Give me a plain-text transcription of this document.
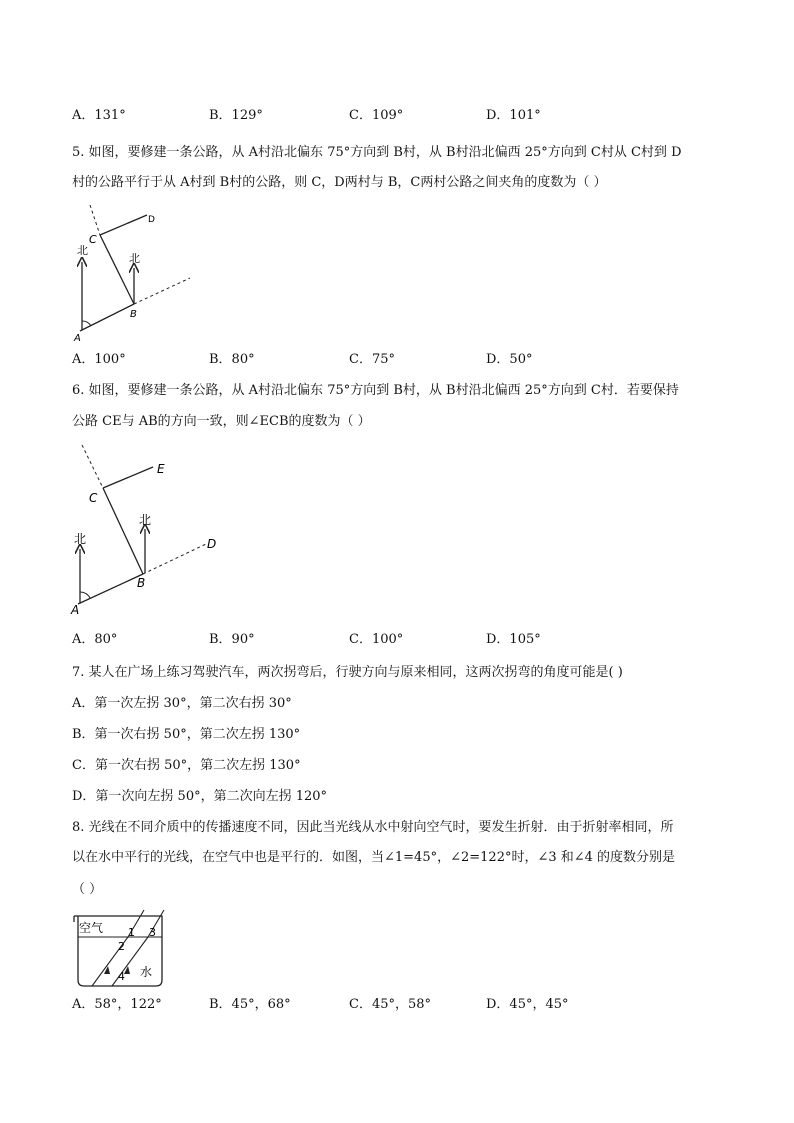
A．131°	B．129°	C．109°	D．101°
5. 如图，要修建一条公路，从 A村沿北偏东 75°方向到 B村，从 B村沿北偏西 25°方向到 C村从 C村到 D
村的公路平行于从 A村到 B村的公路，则 C，D两村与 B，C两村公路之间夹角的度数为（ ）
C
D
A
B
北
北
A．100°	B．80°	C．75°	D．50°
6. 如图，要修建一条公路，从 A村沿北偏东 75°方向到 B村，从 B村沿北偏西 25°方向到 C村．若要保持
公路 CE与 AB的方向一致，则∠ECB的度数为（ ）
E
C
D
A
B
北
北
A．80°	B．90°	C．100°	D．105°
7. 某人在广场上练习驾驶汽车，两次拐弯后，行驶方向与原来相同，这两次拐弯的角度可能是( )
A．第一次左拐 30°，第二次右拐 30°
B．第一次右拐 50°，第二次左拐 130°
C．第一次右拐 50°，第二次左拐 130°
D．第一次向左拐 50°，第二次向左拐 120°
8. 光线在不同介质中的传播速度不同，因此当光线从水中射向空气时，要发生折射．由于折射率相同，所
以在水中平行的光线，在空气中也是平行的．如图，当∠1=45°，∠2=122°时，∠3 和∠4 的度数分别是
（ ）
空气
水
1
2
3
4
A．58°，122°	B．45°，68°	C．45°，58°	D．45°，45°
